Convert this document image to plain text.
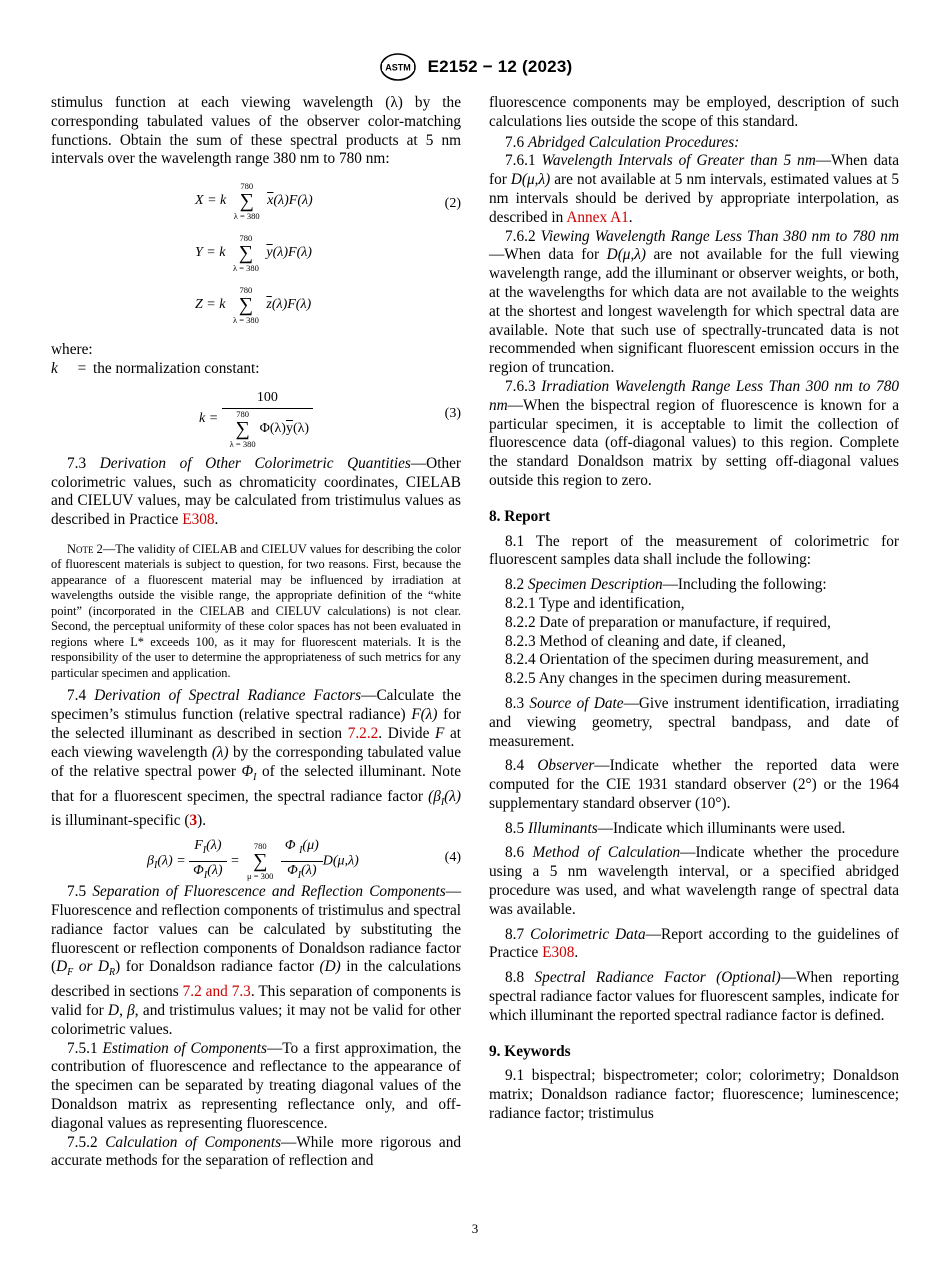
ASTM E2152 − 12 (2023)

stimulus function at each viewing wavelength (λ) by the corresponding tabulated values of the observer color-matching functions. Obtain the sum of these spectral products at 5 nm intervals over the wavelength range 380 nm to 780 nm:

X = k
780
∑
λ = 380
$\overline{x}(\lambda)F(\lambda)$	(2)
Y = k
780
∑
λ = 380
$\overline{y}(\lambda)F(\lambda)$
Z = k
780
∑
λ = 380
$\overline{z}(\lambda)F(\lambda)$

where:

k	= the normalization constant:
k = 100
780
∑
λ = 380
$\Phi(\lambda)\overline{y}(\lambda)$	(3)

7.3 Derivation of Other Colorimetric Quantities—Other colorimetric values, such as chromaticity coordinates, CIELAB and CIELUV values, may be calculated from tristimulus values as described in Practice E308.

Note 2—The validity of CIELAB and CIELUV values for describing the color of fluorescent materials is subject to question, for two reasons. First, because the appearance of a fluorescent material may be influenced by irradiation at wavelengths outside the visible range, the appropriate definition of the “white point” (incorporated in the CIELAB and CIELUV calculations) is not clear. Second, the perceptual uniformity of these color spaces has not been evaluated in regions where L* exceeds 100, as it may for fluorescent materials. It is the responsibility of the user to determine the appropriateness of such metrics for any particular specimen and application.

7.4 Derivation of Spectral Radiance Factors—Calculate the specimen’s stimulus function (relative spectral radiance) F(λ) for the selected illuminant as described in section 7.2.2. Divide F at each viewing wavelength (λ) by the corresponding tabulated value of the relative spectral power $\Phi_I$ of the selected illuminant. Note that for a fluorescent specimen, the spectral radiance factor ($\beta_I(\lambda)$ is illuminant-specific (3).

$\beta_I(\lambda) = \frac{F_I(\lambda)}{\Phi_I(\lambda)}$ =
780
∑
μ = 300
$\frac{\Phi _I(\mu)}{\Phi_I(\lambda)} D(\mu,\lambda)$	(4)

7.5 Separation of Fluorescence and Reflection Components—Fluorescence and reflection components of tristimulus and spectral radiance factor values can be calculated by substituting the fluorescent or reflection components of Donaldson radiance factor ($D_F$ or $D_R$) for Donaldson radiance factor (D) in the calculations described in sections 7.2 and 7.3. This separation of components is valid for D, β, and tristimulus values; it may not be valid for other colorimetric values.

7.5.1 Estimation of Components—To a first approximation, the contribution of fluorescence and reflectance to the appearance of the specimen can be separated by treating diagonal values of the Donaldson matrix as representing reflectance only, and off-diagonal values as representing fluorescence.

7.5.2 Calculation of Components—While more rigorous and accurate methods for the separation of reflection and

fluorescence components may be employed, description of such calculations lies outside the scope of this standard.

7.6 Abridged Calculation Procedures:

7.6.1 Wavelength Intervals of Greater than 5 nm—When data for D(μ,λ) are not available at 5 nm intervals, estimated values at 5 nm intervals should be derived by appropriate interpolation, as described in Annex A1.

7.6.2 Viewing Wavelength Range Less Than 380 nm to 780 nm—When data for D(μ,λ) are not available for the full viewing wavelength range, add the illuminant or observer weights, or both, at the wavelengths for which data are not available to the weights at the shortest and longest wavelength for which spectral data are available. Note that such use of spectrally-truncated data is not recommended when significant fluorescent emission occurs in the region of truncation.

7.6.3 Irradiation Wavelength Range Less Than 300 nm to 780 nm—When the bispectral region of fluorescence is known for a particular specimen, it is acceptable to limit the collection of fluorescence data (off-diagonal values) to this region. Complete the standard Donaldson matrix by setting off-diagonal values outside this region to zero.

8. Report

8.1 The report of the measurement of colorimetric for fluorescent samples data shall include the following:

8.2 Specimen Description—Including the following:

8.2.1 Type and identification,

8.2.2 Date of preparation or manufacture, if required,

8.2.3 Method of cleaning and date, if cleaned,

8.2.4 Orientation of the specimen during measurement, and

8.2.5 Any changes in the specimen during measurement.

8.3 Source of Date—Give instrument identification, irradiating and viewing geometry, spectral bandpass, and date of measurement.

8.4 Observer—Indicate whether the reported data were computed for the CIE 1931 standard observer (2°) or the 1964 supplementary standard observer (10°).

8.5 Illuminants—Indicate which illuminants were used.

8.6 Method of Calculation—Indicate whether the procedure using a 5 nm wavelength interval, or a specified abridged procedure was used, and what wavelength range of spectral data was available.

8.7 Colorimetric Data—Report according to the guidelines of Practice E308.

8.8 Spectral Radiance Factor (Optional)—When reporting spectral radiance factor values for fluorescent samples, indicate for which illuminant the reported spectral radiance factor is defined.

9. Keywords

9.1 bispectral; bispectrometer; color; colorimetry; Donaldson matrix; Donaldson radiance factor; fluorescence; luminescence; radiance factor; tristimulus

3
